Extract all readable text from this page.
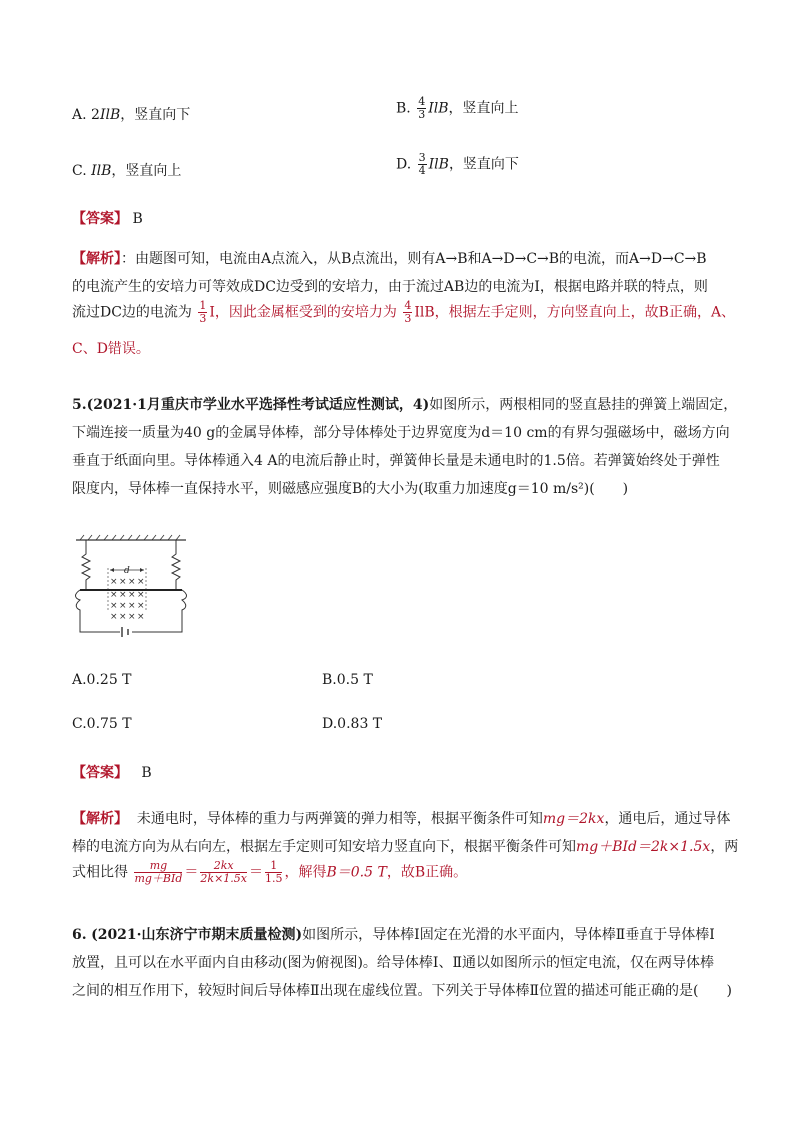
A. 2IlB，竖直向下	B. $\frac{4}{3}$ IlB，竖直向上
C. IlB，竖直向上	D. $\frac{3}{4}$ IlB，竖直向下
【答案】 B
【解析】：由题图可知，电流由A点流入，从B点流出，则有A→B和A→D→C→B的电流，而A→D→C→B
的电流产生的安培力可等效成DC边受到的安培力，由于流过AB边的电流为I，根据电路并联的特点，则
流过DC边的电流为 $\frac{1}{3}$ I，因此金属框受到的安培力为 $\frac{4}{3}$ IlB，根据左手定则，方向竖直向上，故B正确，A、
C、D错误。
5.(2021·1月重庆市学业水平选择性考试适应性测试，4)如图所示，两根相同的竖直悬挂的弹簧上端固定，
下端连接一质量为40 g的金属导体棒，部分导体棒处于边界宽度为d＝10 cm的有界匀强磁场中，磁场方向
垂直于纸面向里。导体棒通入4 A的电流后静止时，弹簧伸长量是未通电时的1.5倍。若弹簧始终处于弹性
限度内，导体棒一直保持水平，则磁感应强度B的大小为(取重力加速度g＝10 m/s²)(　　)
d
× × × ×
× × × ×
× × × ×
× × × ×
A.0.25 T	B.0.5 T
C.0.75 T	D.0.83 T
【答案】 B
【解析】 未通电时，导体棒的重力与两弹簧的弹力相等，根据平衡条件可知mg＝2kx，通电后，通过导体
棒的电流方向为从右向左，根据左手定则可知安培力竖直向下，根据平衡条件可知mg＋BId＝2k×1.5x，两
式相比得 $\frac{mg}{\text{mg＋BId}} = \frac{2kx}{2k\times 1.5x} = \frac{1}{1.5}$ ，解得B＝0.5 T，故B正确。
6. (2021·山东济宁市期末质量检测)如图所示，导体棒Ⅰ固定在光滑的水平面内，导体棒Ⅱ垂直于导体棒Ⅰ
放置，且可以在水平面内自由移动(图为俯视图)。给导体棒Ⅰ、Ⅱ通以如图所示的恒定电流，仅在两导体棒
之间的相互作用下，较短时间后导体棒Ⅱ出现在虚线位置。下列关于导体棒Ⅱ位置的描述可能正确的是(　　)
